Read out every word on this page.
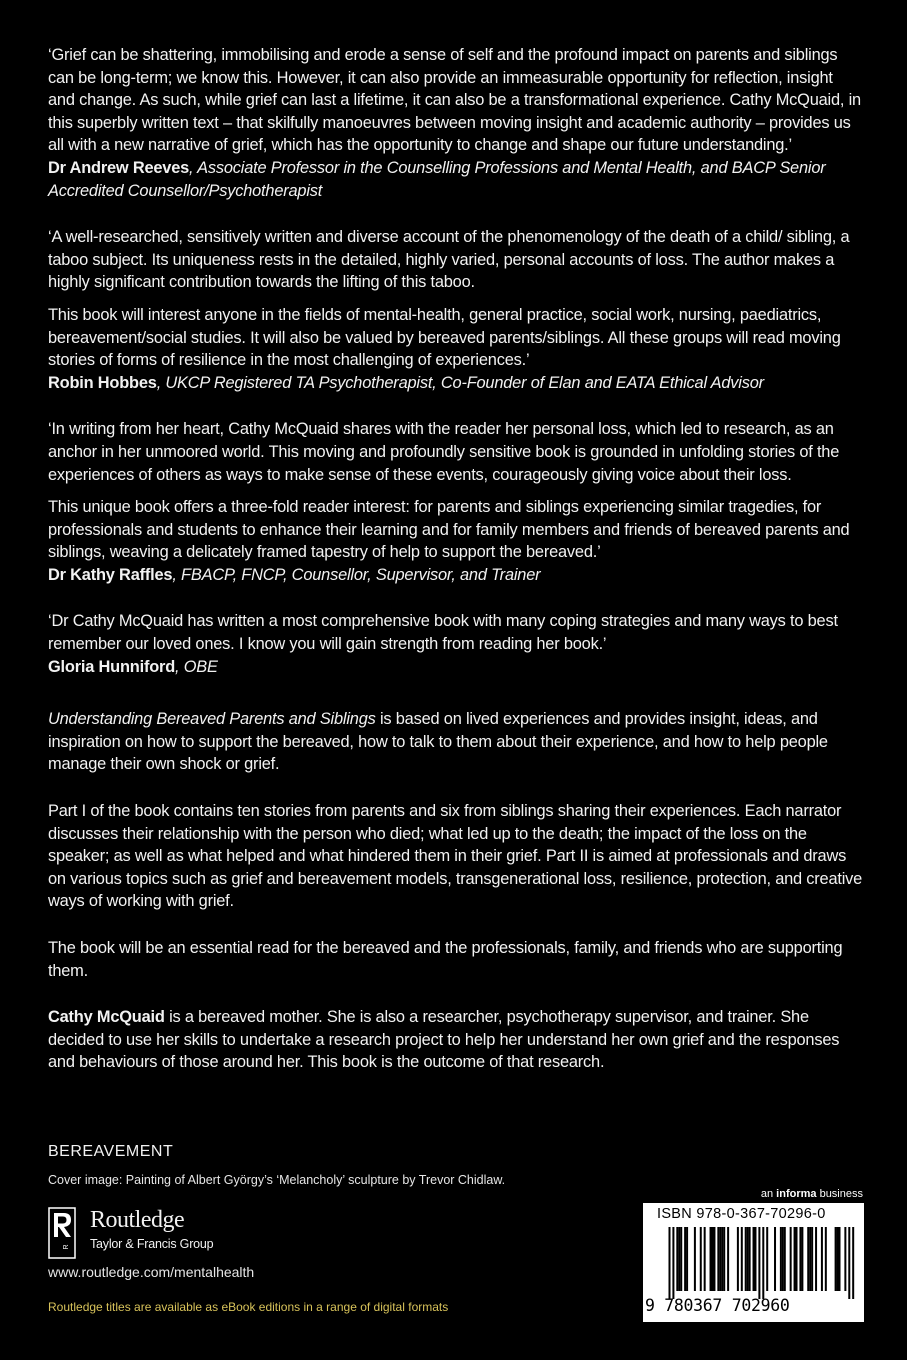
‘Grief can be shattering, immobilising and erode a sense of self and the profound impact on parents and siblings can be long-term; we know this. However, it can also provide an immeasurable opportunity for reflection, insight and change. As such, while grief can last a lifetime, it can also be a transformational experience. Cathy McQuaid, in this superbly written text – that skilfully manoeuvres between moving insight and academic authority – provides us all with a new narrative of grief, which has the opportunity to change and shape our future understanding.’

Dr Andrew Reeves, Associate Professor in the Counselling Professions and Mental Health, and BACP Senior Accredited Counsellor/Psychotherapist

‘A well-researched, sensitively written and diverse account of the phenomenology of the death of a child/ sibling, a taboo subject. Its uniqueness rests in the detailed, highly varied, personal accounts of loss. The author makes a highly significant contribution towards the lifting of this taboo.

This book will interest anyone in the fields of mental-health, general practice, social work, nursing, paediatrics, bereavement/social studies. It will also be valued by bereaved parents/siblings. All these groups will read moving stories of forms of resilience in the most challenging of experiences.’

Robin Hobbes, UKCP Registered TA Psychotherapist, Co-Founder of Elan and EATA Ethical Advisor

‘In writing from her heart, Cathy McQuaid shares with the reader her personal loss, which led to research, as an anchor in her unmoored world. This moving and profoundly sensitive book is grounded in unfolding stories of the experiences of others as ways to make sense of these events, courageously giving voice about their loss.

This unique book offers a three-fold reader interest: for parents and siblings experiencing similar tragedies, for professionals and students to enhance their learning and for family members and friends of bereaved parents and siblings, weaving a delicately framed tapestry of help to support the bereaved.’

Dr Kathy Raffles, FBACP, FNCP, Counsellor, Supervisor, and Trainer

‘Dr Cathy McQuaid has written a most comprehensive book with many coping strategies and many ways to best remember our loved ones. I know you will gain strength from reading her book.’

Gloria Hunniford, OBE

Understanding Bereaved Parents and Siblings is based on lived experiences and provides insight, ideas, and inspiration on how to support the bereaved, how to talk to them about their experience, and how to help people manage their own shock or grief.

Part I of the book contains ten stories from parents and six from siblings sharing their experiences. Each narrator discusses their relationship with the person who died; what led up to the death; the impact of the loss on the speaker; as well as what helped and what hindered them in their grief. Part II is aimed at professionals and draws on various topics such as grief and bereavement models, transgenerational loss, resilience, protection, and creative ways of working with grief.

The book will be an essential read for the bereaved and the professionals, family, and friends who are supporting them.

Cathy McQuaid is a bereaved mother. She is also a researcher, psychotherapy supervisor, and trainer. She decided to use her skills to undertake a research project to help her understand her own grief and the responses and behaviours of those around her. This book is the outcome of that research.

BEREAVEMENT
Cover image: Painting of Albert György’s ‘Melancholy’ sculpture by Trevor Chidlaw.
R
Routledge
Taylor & Francis Group
www.routledge.com/mentalhealth
Routledge titles are available as eBook editions in a range of digital formats
an informa business
ISBN 978-0-367-70296-0
9 780367 702960
